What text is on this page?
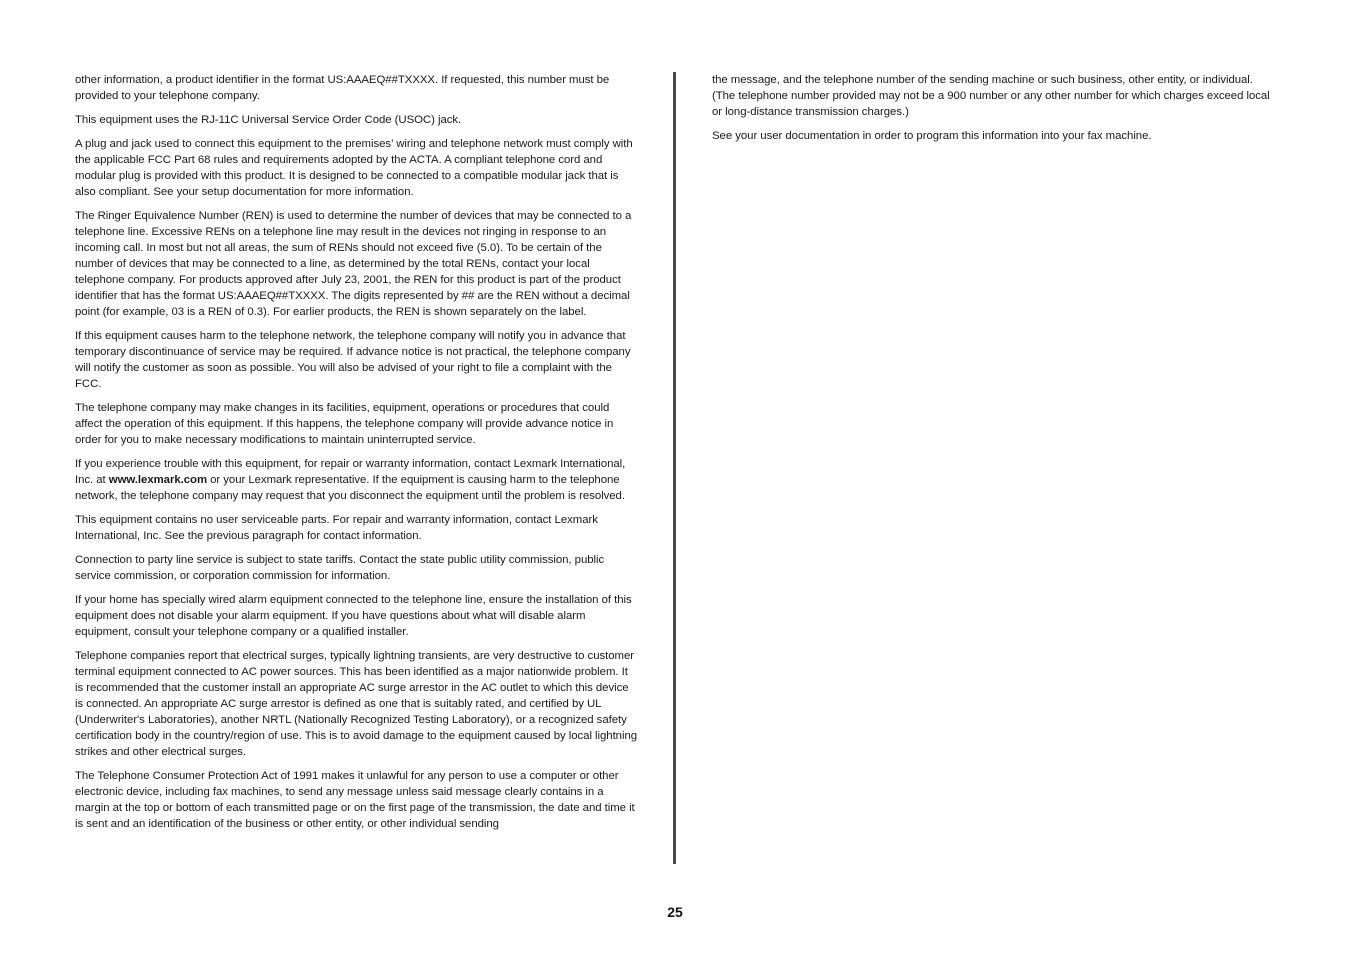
other information, a product identifier in the format US:AAAEQ##TXXXX. If requested, this number must be provided to your telephone company.

This equipment uses the RJ-11C Universal Service Order Code (USOC) jack.

A plug and jack used to connect this equipment to the premises’ wiring and telephone network must comply with the applicable FCC Part 68 rules and requirements adopted by the ACTA. A compliant telephone cord and modular plug is provided with this product. It is designed to be connected to a compatible modular jack that is also compliant. See your setup documentation for more information.

The Ringer Equivalence Number (REN) is used to determine the number of devices that may be connected to a telephone line. Excessive RENs on a telephone line may result in the devices not ringing in response to an incoming call. In most but not all areas, the sum of RENs should not exceed five (5.0). To be certain of the number of devices that may be connected to a line, as determined by the total RENs, contact your local telephone company. For products approved after July 23, 2001, the REN for this product is part of the product identifier that has the format US:AAAEQ##TXXXX. The digits represented by ## are the REN without a decimal point (for example, 03 is a REN of 0.3). For earlier products, the REN is shown separately on the label.

If this equipment causes harm to the telephone network, the telephone company will notify you in advance that temporary discontinuance of service may be required. If advance notice is not practical, the telephone company will notify the customer as soon as possible. You will also be advised of your right to file a complaint with the FCC.

The telephone company may make changes in its facilities, equipment, operations or procedures that could affect the operation of this equipment. If this happens, the telephone company will provide advance notice in order for you to make necessary modifications to maintain uninterrupted service.

If you experience trouble with this equipment, for repair or warranty information, contact Lexmark International, Inc. at www.lexmark.com or your Lexmark representative. If the equipment is causing harm to the telephone network, the telephone company may request that you disconnect the equipment until the problem is resolved.

This equipment contains no user serviceable parts. For repair and warranty information, contact Lexmark International, Inc. See the previous paragraph for contact information.

Connection to party line service is subject to state tariffs. Contact the state public utility commission, public service commission, or corporation commission for information.

If your home has specially wired alarm equipment connected to the telephone line, ensure the installation of this equipment does not disable your alarm equipment. If you have questions about what will disable alarm equipment, consult your telephone company or a qualified installer.

Telephone companies report that electrical surges, typically lightning transients, are very destructive to customer terminal equipment connected to AC power sources. This has been identified as a major nationwide problem. It is recommended that the customer install an appropriate AC surge arrestor in the AC outlet to which this device is connected. An appropriate AC surge arrestor is defined as one that is suitably rated, and certified by UL (Underwriter's Laboratories), another NRTL (Nationally Recognized Testing Laboratory), or a recognized safety certification body in the country/region of use. This is to avoid damage to the equipment caused by local lightning strikes and other electrical surges.

The Telephone Consumer Protection Act of 1991 makes it unlawful for any person to use a computer or other electronic device, including fax machines, to send any message unless said message clearly contains in a margin at the top or bottom of each transmitted page or on the first page of the transmission, the date and time it is sent and an identification of the business or other entity, or other individual sending

the message, and the telephone number of the sending machine or such business, other entity, or individual. (The telephone number provided may not be a 900 number or any other number for which charges exceed local or long-distance transmission charges.)

See your user documentation in order to program this information into your fax machine.

25
